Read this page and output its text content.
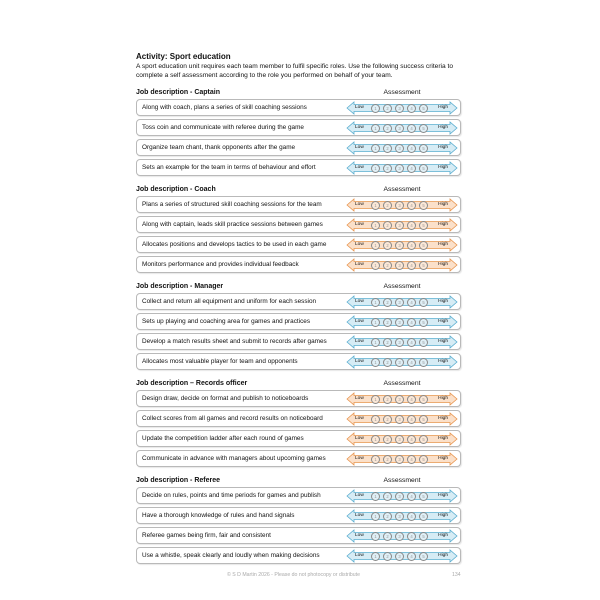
Activity: Sport education
A sport education unit requires each team member to fulfil specific roles. Use the following success criteria to complete a self assessment according to the role you performed on behalf of your team.
Job description - Captain	Assessment
Along with coach, plans a series of skill coaching sessions	Low	1	2	3	4	5	High
Toss coin and communicate with referee during the game	Low	1	2	3	4	5	High
Organize team chant, thank opponents after the game	Low	1	2	3	4	5	High
Sets an example for the team in terms of behaviour and effort	Low	1	2	3	4	5	High
Job description - Coach	Assessment
Plans a series of structured skill coaching sessions for the team	Low	1	2	3	4	5	High
Along with captain, leads skill practice sessions between games	Low	1	2	3	4	5	High
Allocates positions and develops tactics to be used in each game	Low	1	2	3	4	5	High
Monitors performance and provides individual feedback	Low	1	2	3	4	5	High
Job description - Manager	Assessment
Collect and return all equipment and uniform for each session	Low	1	2	3	4	5	High
Sets up playing and coaching area for games and practices	Low	1	2	3	4	5	High
Develop a match results sheet and submit to records after games	Low	1	2	3	4	5	High
Allocates most valuable player for team and opponents	Low	1	2	3	4	5	High
Job description – Records officer	Assessment
Design draw, decide on format and publish to noticeboards	Low	1	2	3	4	5	High
Collect scores from all games and record results on noticeboard	Low	1	2	3	4	5	High
Update the competition ladder after each round of games	Low	1	2	3	4	5	High
Communicate in advance with managers about upcoming games	Low	1	2	3	4	5	High
Job description - Referee	Assessment
Decide on rules, points and time periods for games and publish	Low	1	2	3	4	5	High
Have a thorough knowledge of rules and hand signals	Low	1	2	3	4	5	High
Referee games being firm, fair and consistent	Low	1	2	3	4	5	High
Use a whistle, speak clearly and loudly when making decisions	Low	1	2	3	4	5	High
© S D Martin 2026 - Please do not photocopy or distribute	134
